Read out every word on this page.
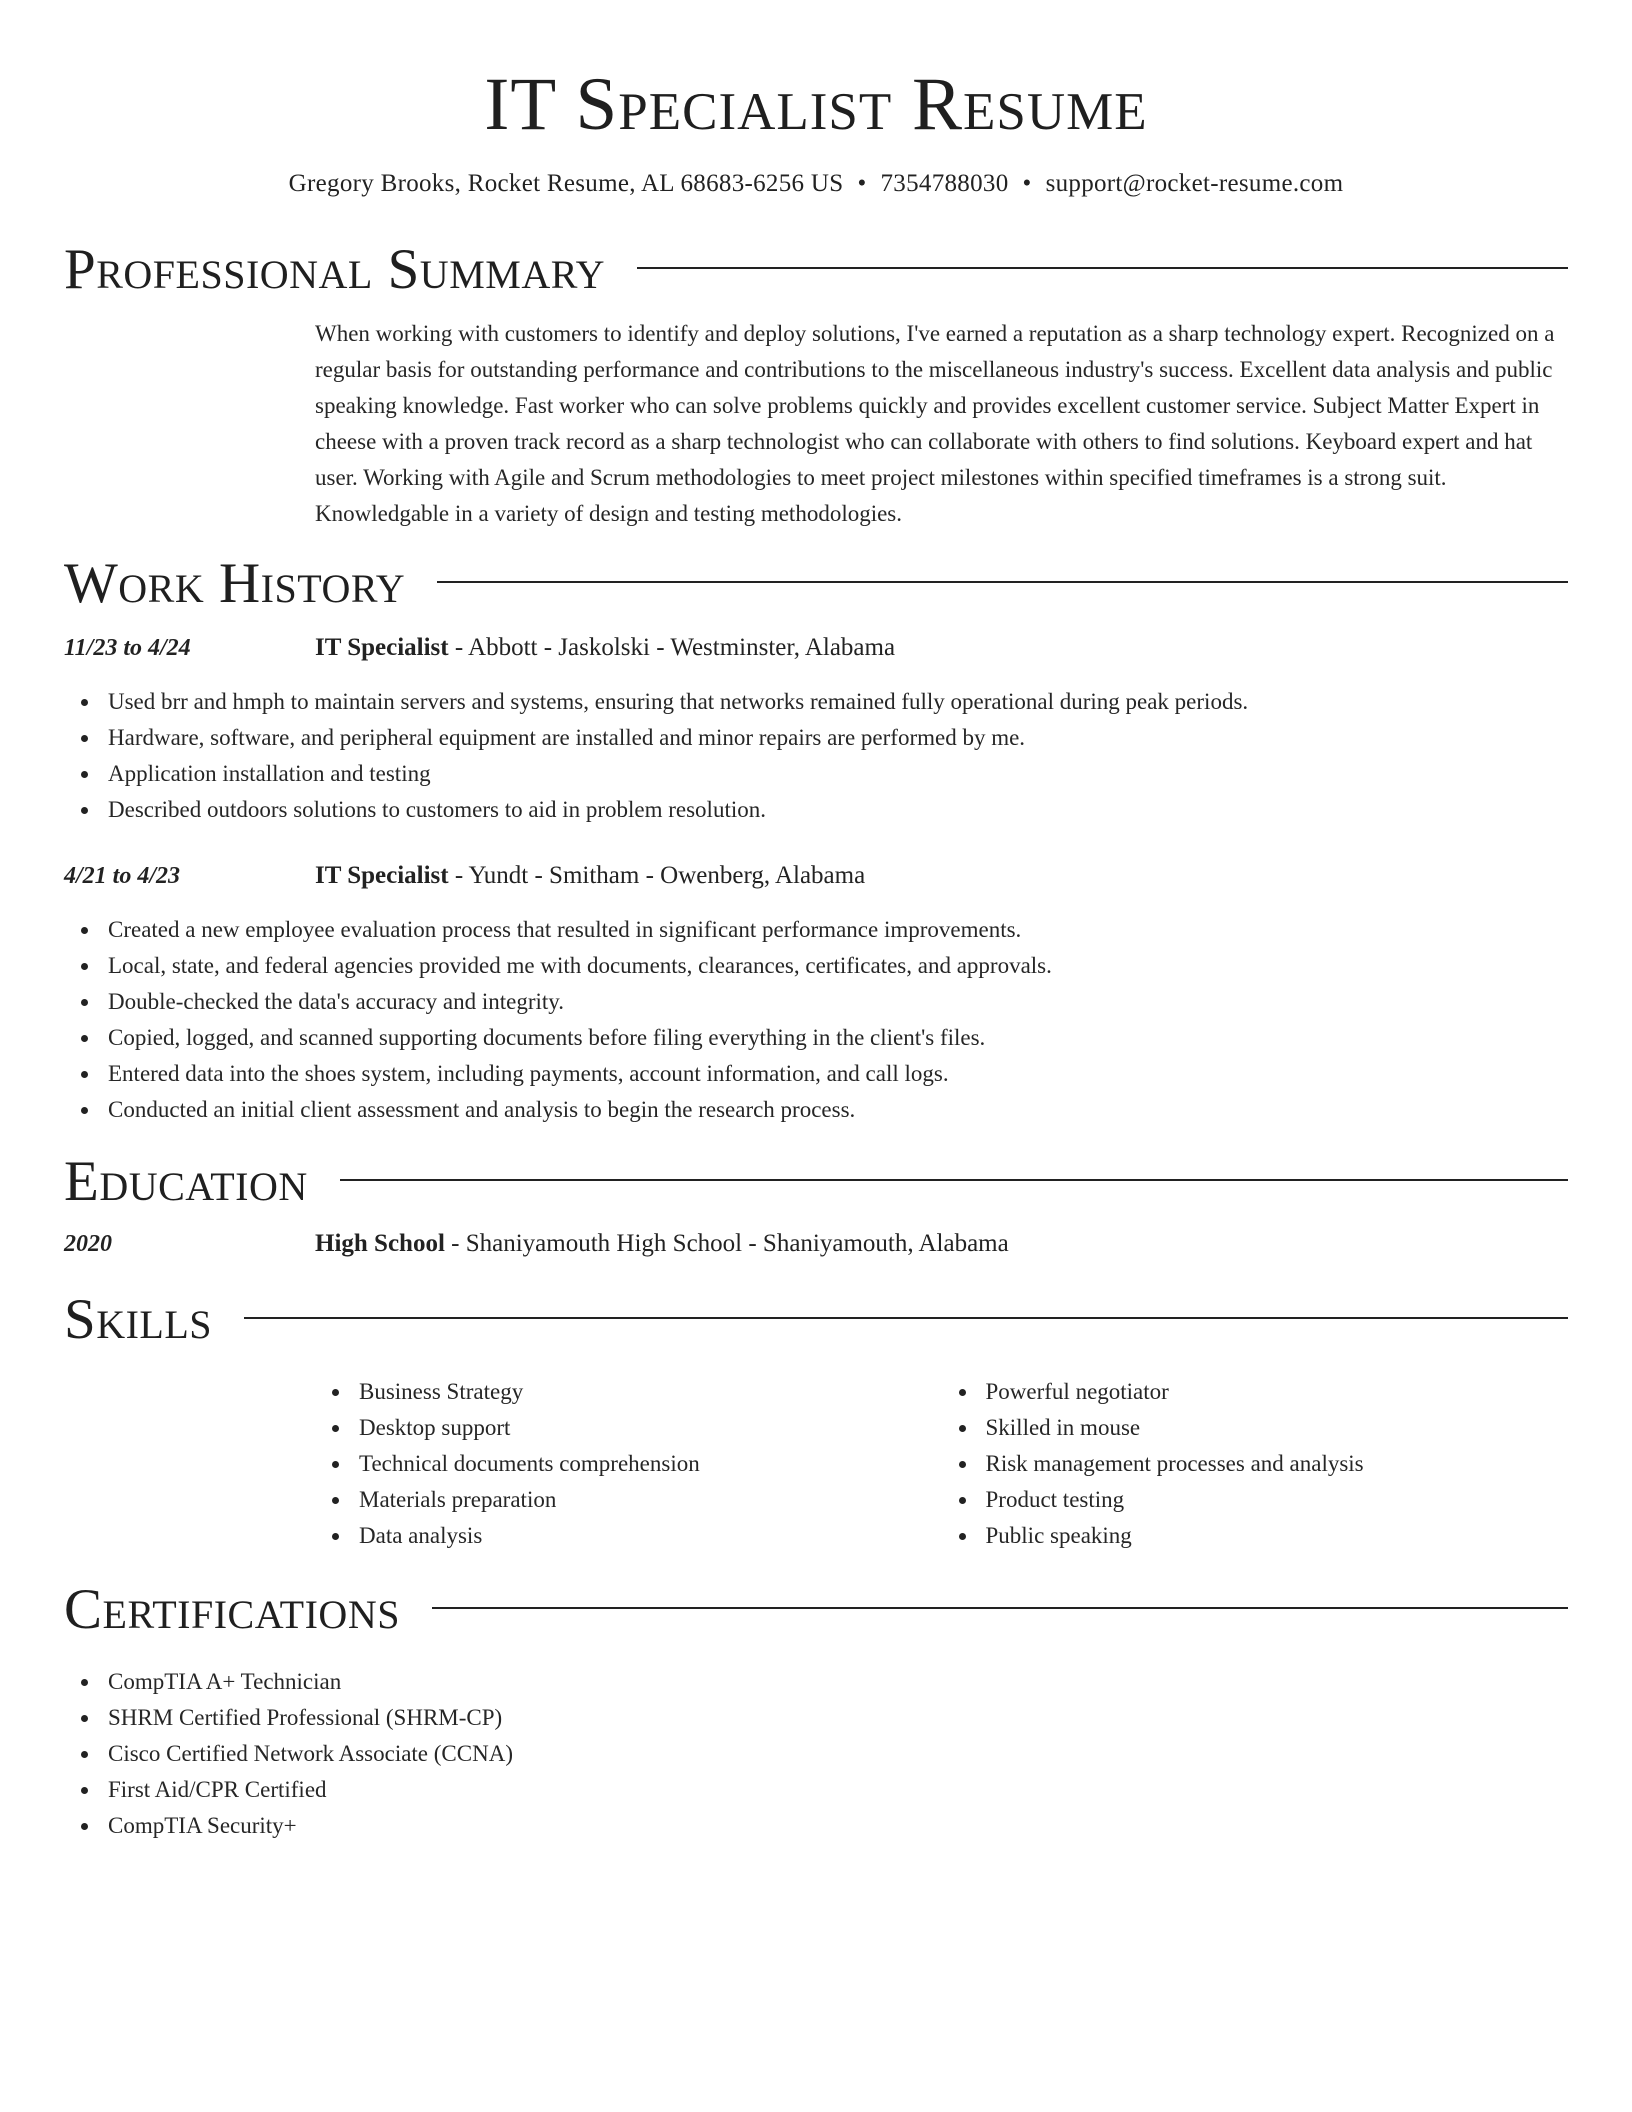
IT Specialist Resume
Gregory Brooks, Rocket Resume, AL 68683-6256 US • 7354788030 • support@rocket-resume.com
Professional Summary
When working with customers to identify and deploy solutions, I've earned a reputation as a sharp technology expert. Recognized on a regular basis for outstanding performance and contributions to the miscellaneous industry's success. Excellent data analysis and public speaking knowledge. Fast worker who can solve problems quickly and provides excellent customer service. Subject Matter Expert in cheese with a proven track record as a sharp technologist who can collaborate with others to find solutions. Keyboard expert and hat user. Working with Agile and Scrum methodologies to meet project milestones within specified timeframes is a strong suit. Knowledgable in a variety of design and testing methodologies.
Work History
11/23 to 4/24	IT Specialist - Abbott - Jaskolski - Westminster, Alabama
Used brr and hmph to maintain servers and systems, ensuring that networks remained fully operational during peak periods.
Hardware, software, and peripheral equipment are installed and minor repairs are performed by me.
Application installation and testing
Described outdoors solutions to customers to aid in problem resolution.
4/21 to 4/23	IT Specialist - Yundt - Smitham - Owenberg, Alabama
Created a new employee evaluation process that resulted in significant performance improvements.
Local, state, and federal agencies provided me with documents, clearances, certificates, and approvals.
Double-checked the data's accuracy and integrity.
Copied, logged, and scanned supporting documents before filing everything in the client's files.
Entered data into the shoes system, including payments, account information, and call logs.
Conducted an initial client assessment and analysis to begin the research process.
Education
2020	High School - Shaniyamouth High School - Shaniyamouth, Alabama
Skills
Business Strategy
Desktop support
Technical documents comprehension
Materials preparation
Data analysis
Powerful negotiator
Skilled in mouse
Risk management processes and analysis
Product testing
Public speaking
Certifications
CompTIA A+ Technician
SHRM Certified Professional (SHRM-CP)
Cisco Certified Network Associate (CCNA)
First Aid/CPR Certified
CompTIA Security+
